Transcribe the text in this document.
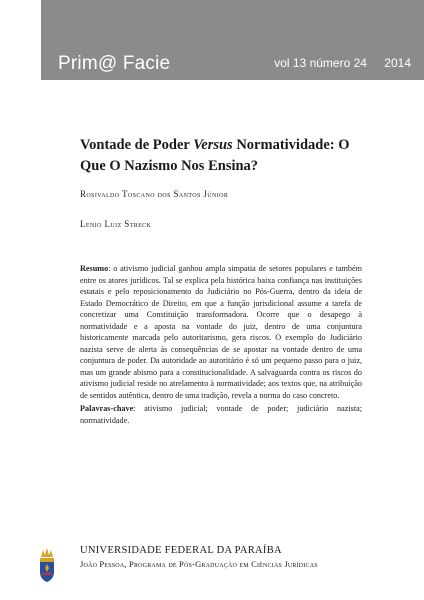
Prim@ Facie	vol 13 número 24 2014
Vontade de Poder Versus Normatividade: O Que O Nazismo Nos Ensina?
Rosivaldo Toscano dos Santos Júnior
Lenio Luiz Streck
Resumo: o ativismo judicial ganhou ampla simpatia de setores populares e também entre os atores jurídicos. Tal se explica pela histórica baixa confiança nas instituições estatais e pelo reposicionamento do Judiciário no Pós-Guerra, dentro da ideia de Estado Democrático de Direito, em que a função jurisdicional assume a tarefa de concretizar uma Constituição transformadora. Ocorre que o desapego à normatividade e a aposta na vontade do juiz, dentro de uma conjuntura historicamente marcada pelo autoritarismo, gera riscos. O exemplo do Judiciário nazista serve de alerta às consequências de se apostar na vontade dentro de uma conjuntura de poder. Da autoridade ao autoritário é só um pequeno passo para o juiz, mas um grande abismo para a constitucionalidade. A salvaguarda contra os riscos do ativismo judicial reside no atrelamento à normatividade; aos textos que, na atribuição de sentidos autêntica, dentro de uma tradição, revela a norma do caso concreto.
Palavras-chave: ativismo judicial; vontade de poder; judiciário nazista; normatividade.
UNIVERSIDADE FEDERAL DA PARAÍBA
João Pessoa, Programa de Pós-Graduação em Ciências Jurídicas
